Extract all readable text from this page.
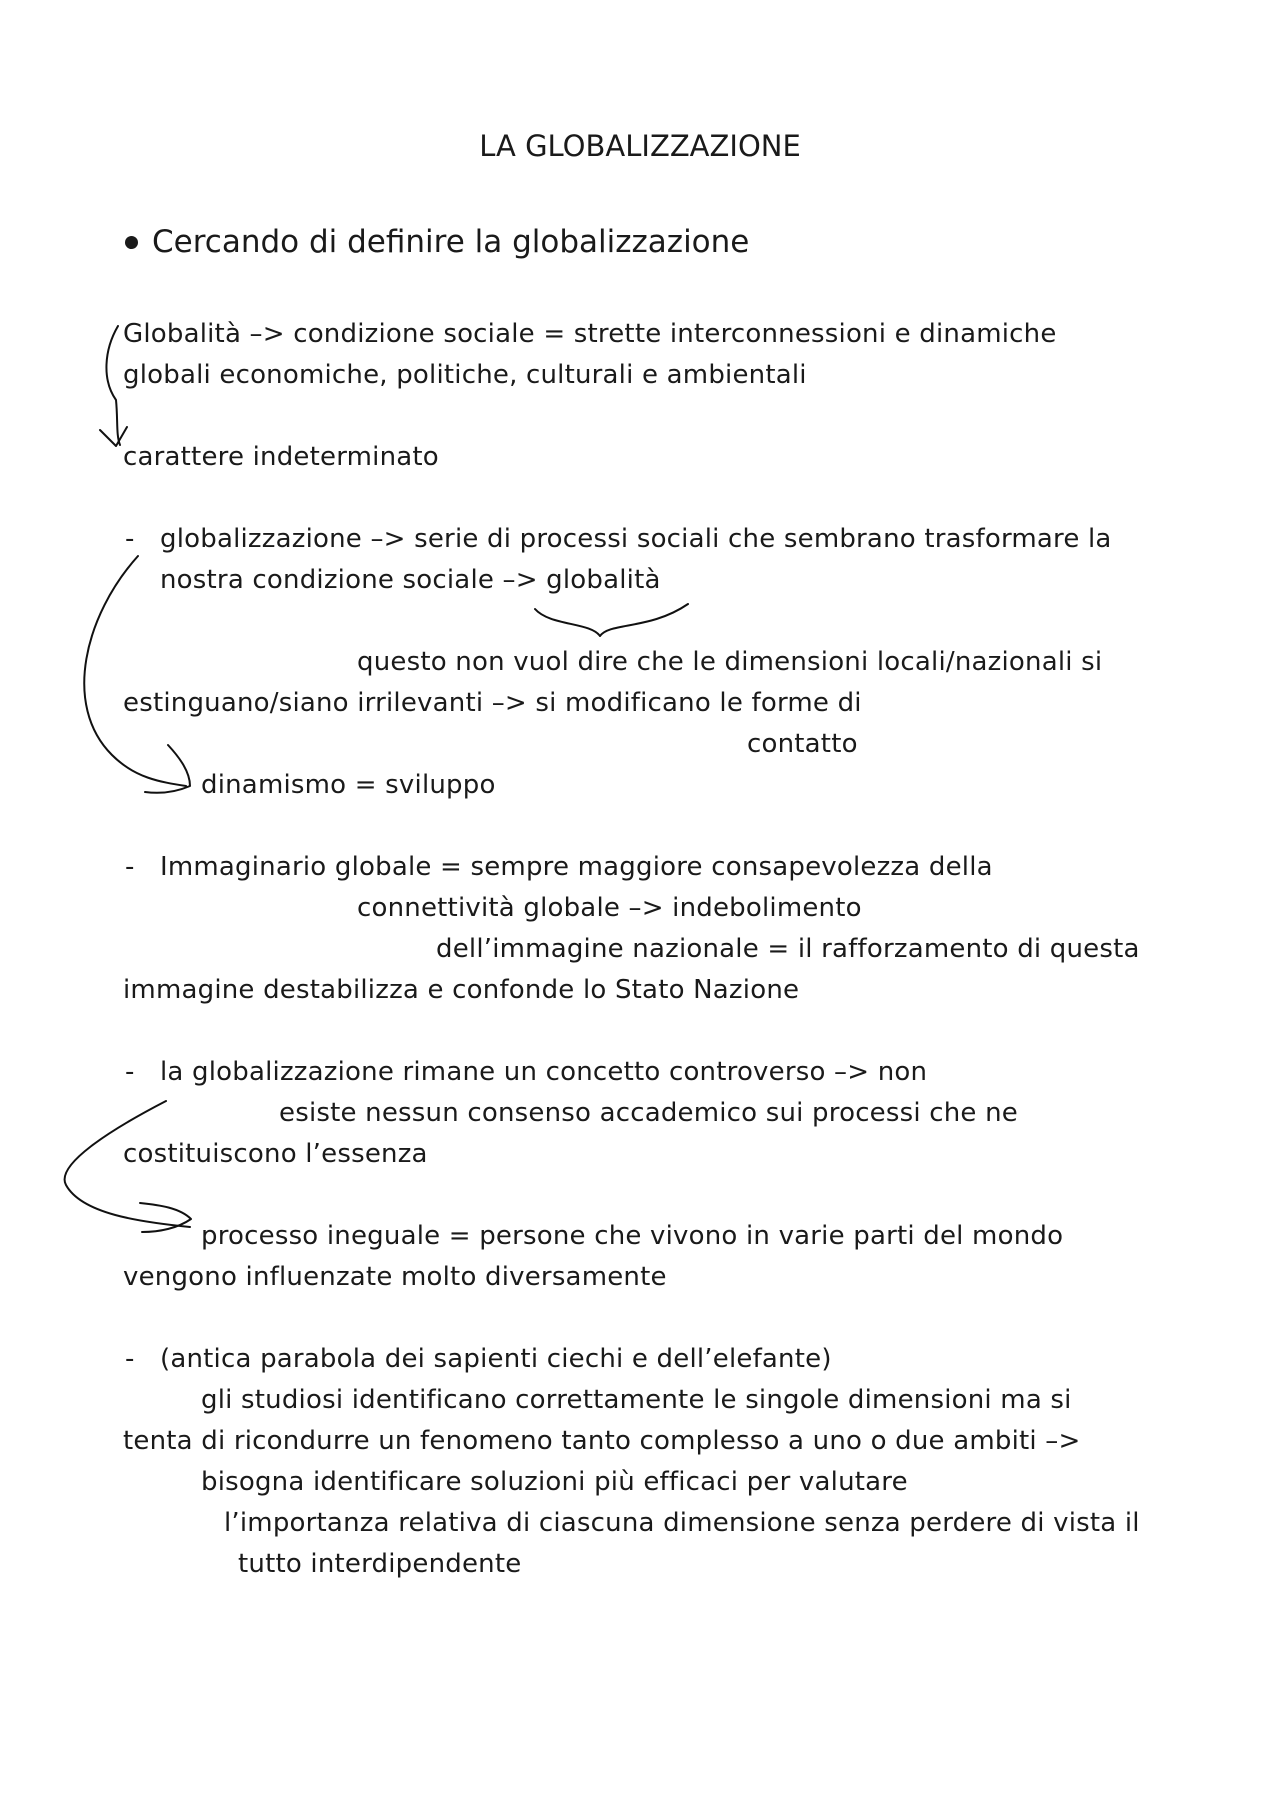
LA GLOBALIZZAZIONE
Cercando di definire la globalizzazione
Globalità –> condizione sociale = strette interconnessioni e dinamiche
globali economiche, politiche, culturali e ambientali
carattere indeterminato
- globalizzazione –> serie di processi sociali che sembrano trasformare la
nostra condizione sociale –> globalità
questo non vuol dire che le dimensioni locali/nazionali si
estinguano/siano irrilevanti –> si modificano le forme di
contatto
dinamismo = sviluppo
- Immaginario globale = sempre maggiore consapevolezza della
connettività globale –> indebolimento
dell’immagine nazionale = il rafforzamento di questa
immagine destabilizza e confonde lo Stato Nazione
- la globalizzazione rimane un concetto controverso –> non
esiste nessun consenso accademico sui processi che ne
costituiscono l’essenza
processo ineguale = persone che vivono in varie parti del mondo
vengono influenzate molto diversamente
- (antica parabola dei sapienti ciechi e dell’elefante)
gli studiosi identificano correttamente le singole dimensioni ma si
tenta di ricondurre un fenomeno tanto complesso a uno o due ambiti –>
bisogna identificare soluzioni più efficaci per valutare
l’importanza relativa di ciascuna dimensione senza perdere di vista il
tutto interdipendente
